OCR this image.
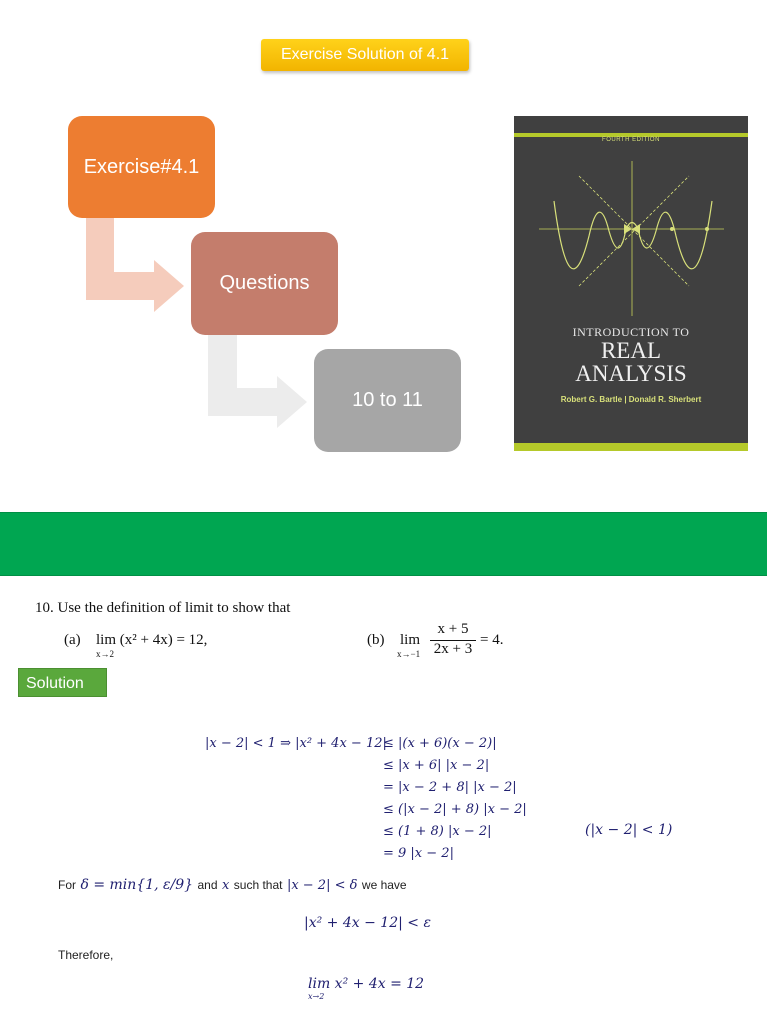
Exercise Solution of 4.1
Exercise#4.1
Questions
10 to 11
FOURTH EDITION
INTRODUCTION TO
REAL
ANALYSIS
Robert G. Bartle | Donald R. Sherbert
10. Use the definition of limit to show that
(a) lim (x² + 4x) = 12,
x→2
(b) lim
x→−1
x + 5
2x + 3
= 4.
Solution
|x − 2| < 1 ⇒ |x² + 4x − 12|
≤ |(x + 6)(x − 2)|
≤ |x + 6| |x − 2|
= |x − 2 + 8| |x − 2|
≤ (|x − 2| + 8) |x − 2|
≤ (1 + 8) |x − 2|
= 9 |x − 2|
(|x − 2| < 1)
For δ = min{1, ε/9} and x such that |x − 2| < δ we have
|x² + 4x − 12| < ε
Therefore,
lim x² + 4x = 12
x→2
